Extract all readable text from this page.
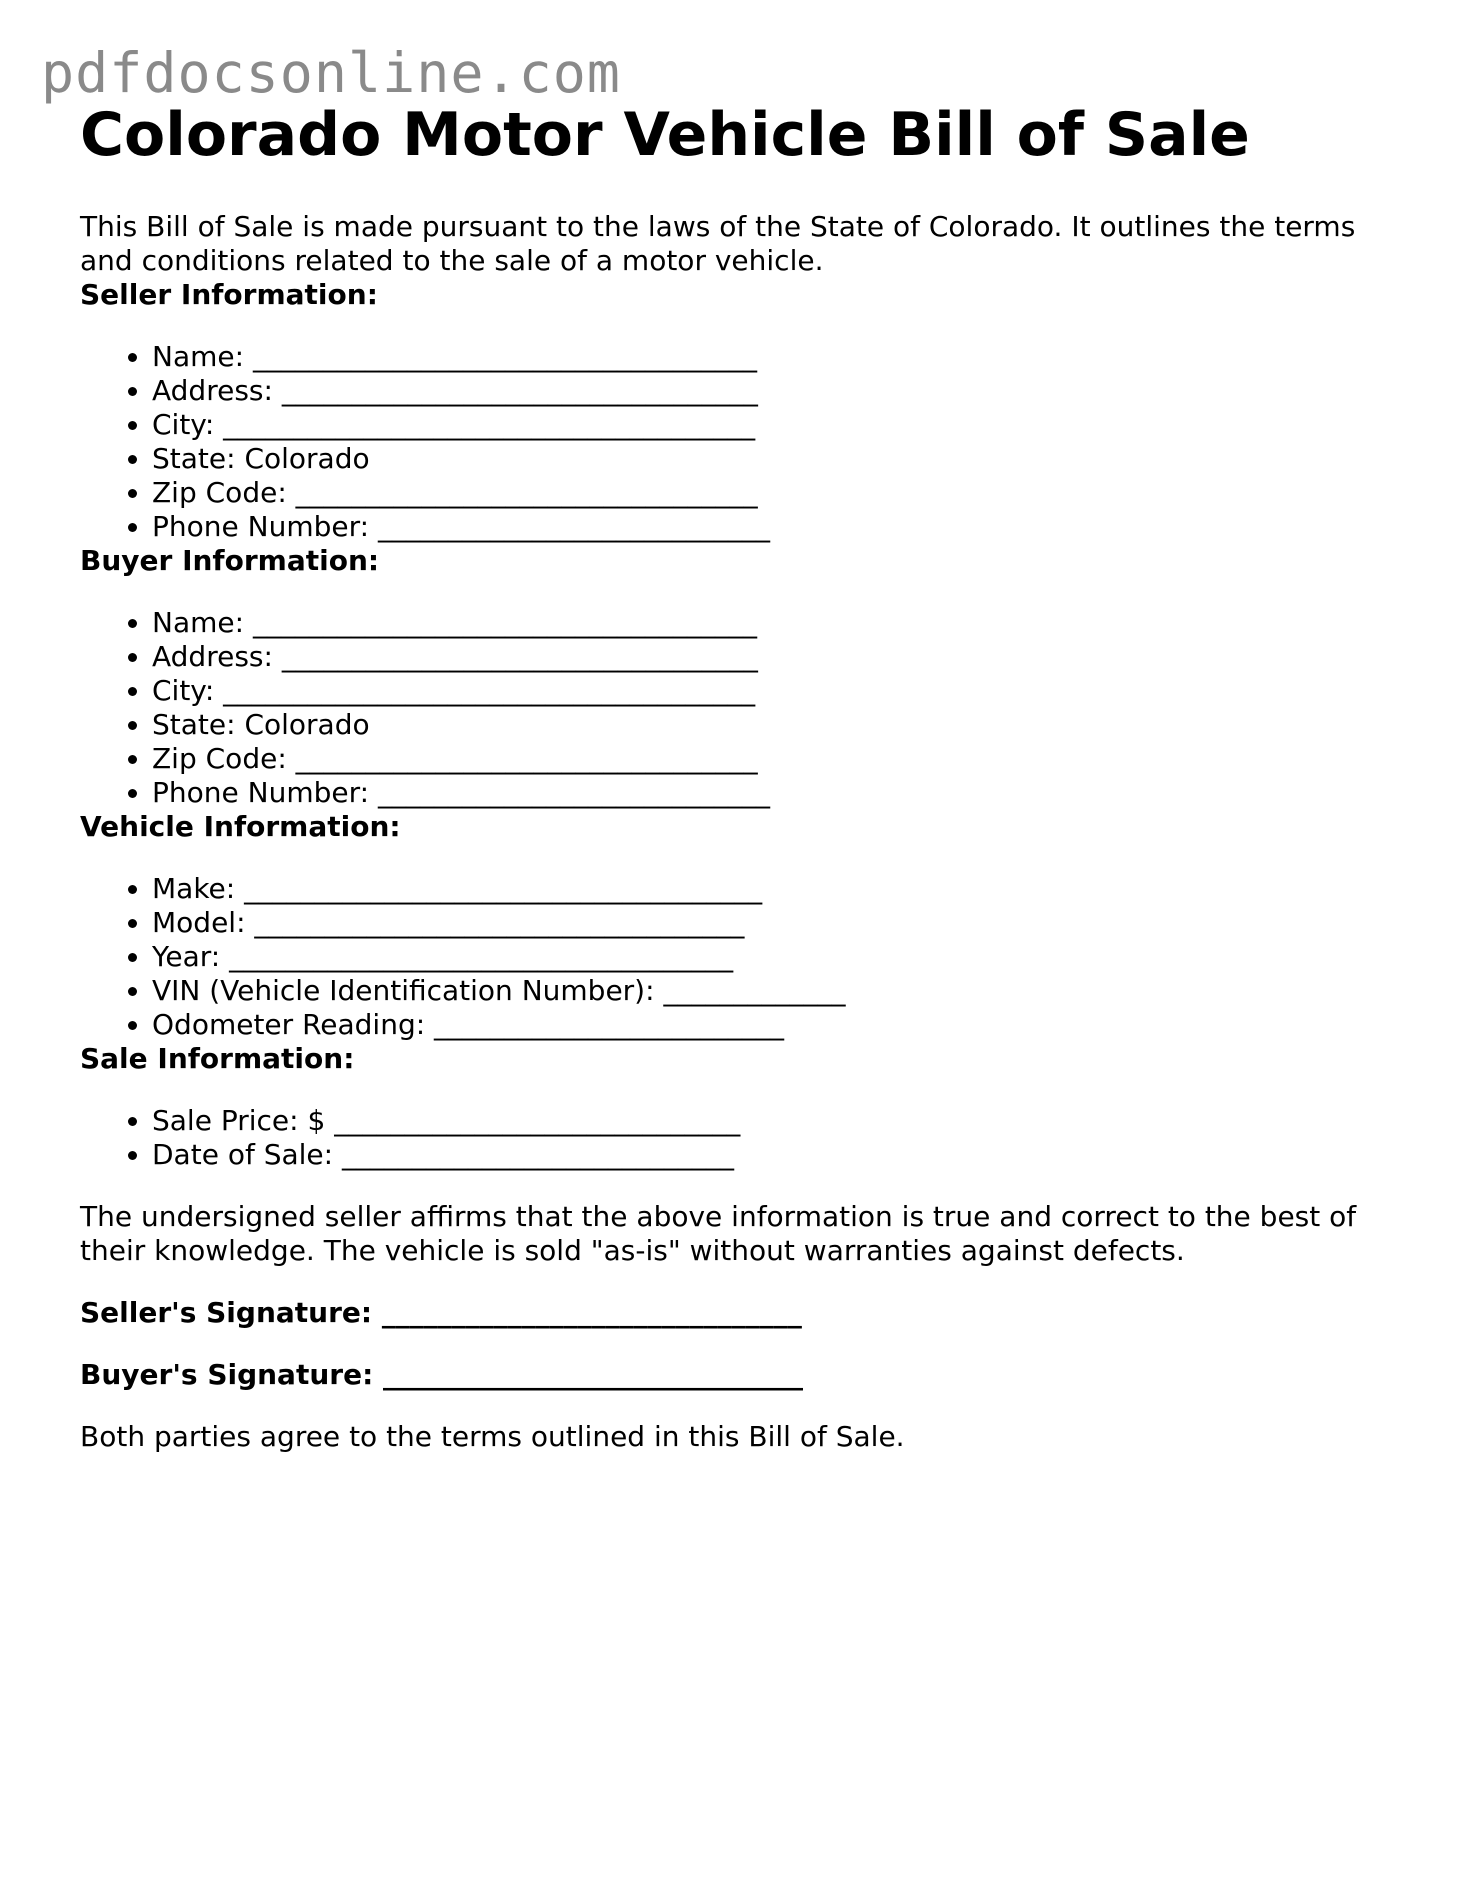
pdfdocsonline.com
Colorado Motor Vehicle Bill of Sale

This Bill of Sale is made pursuant to the laws of the State of Colorado. It outlines the terms and conditions related to the sale of a motor vehicle.

Seller Information:

• Name: ____________________________________
• Address: __________________________________
• City: ______________________________________
• State: Colorado
• Zip Code: _________________________________
• Phone Number: ____________________________

Buyer Information:

• Name: ____________________________________
• Address: __________________________________
• City: ______________________________________
• State: Colorado
• Zip Code: _________________________________
• Phone Number: ____________________________

Vehicle Information:

• Make: _____________________________________
• Model: ___________________________________
• Year: ____________________________________
• VIN (Vehicle Identification Number): _____________
• Odometer Reading: _________________________

Sale Information:

• Sale Price: $ _____________________________
• Date of Sale: ____________________________

The undersigned seller affirms that the above information is true and correct to the best of their knowledge. The vehicle is sold "as-is" without warranties against defects.

Seller's Signature: ______________________________

Buyer's Signature: ______________________________

Both parties agree to the terms outlined in this Bill of Sale.
